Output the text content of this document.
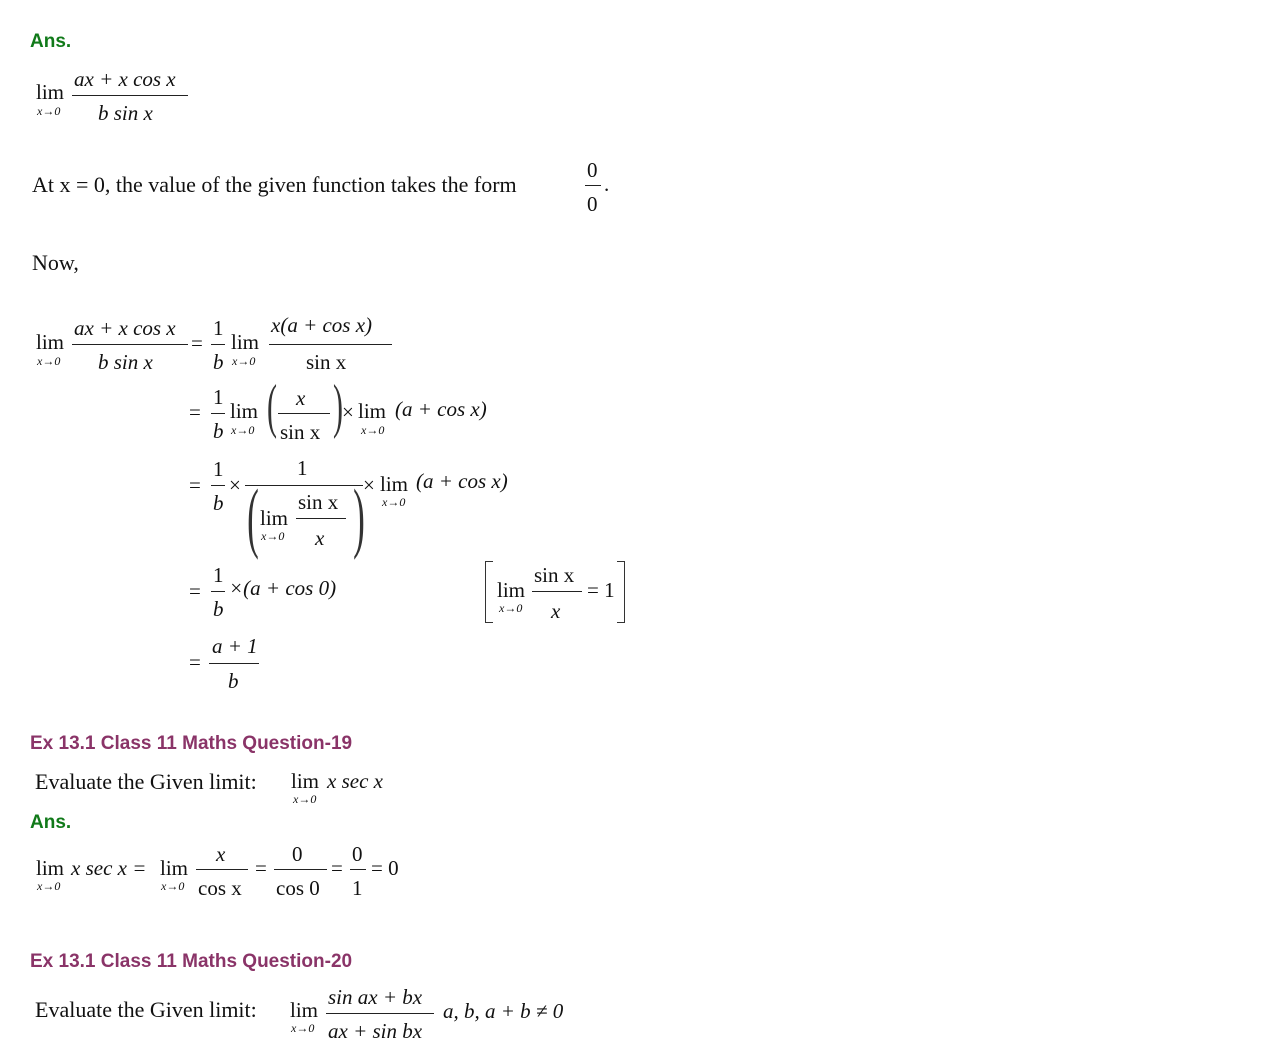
Ans.
lim
x→0
ax + x cos x
b sin x
At x = 0, the value of the given function takes the form
0
0
.
Now,
lim
x→0
ax + x cos x
b sin x
=
1
b
lim
x→0
x(a + cos x)
sin x
=
1
b
lim
x→0 ( x
sin x ) × lim
x→0
(a + cos x)
=
1
b
×
1
( lim
x→0
sin x
x )
× lim
x→0
(a + cos x)
=
1
b
×(a + cos 0)	lim
x→0
sin x
x
= 1
=
a + 1
b
Ex 13.1 Class 11 Maths Question-19
Evaluate the Given limit: lim
x→0
x sec x
Ans.
lim
x→0
x sec x = lim
x→0
x
cos x
=
0
cos 0
=
0
1
= 0
Ex 13.1 Class 11 Maths Question-20
Evaluate the Given limit: lim
x→0
sin ax + bx
ax + sin bx
a, b, a + b ≠ 0
